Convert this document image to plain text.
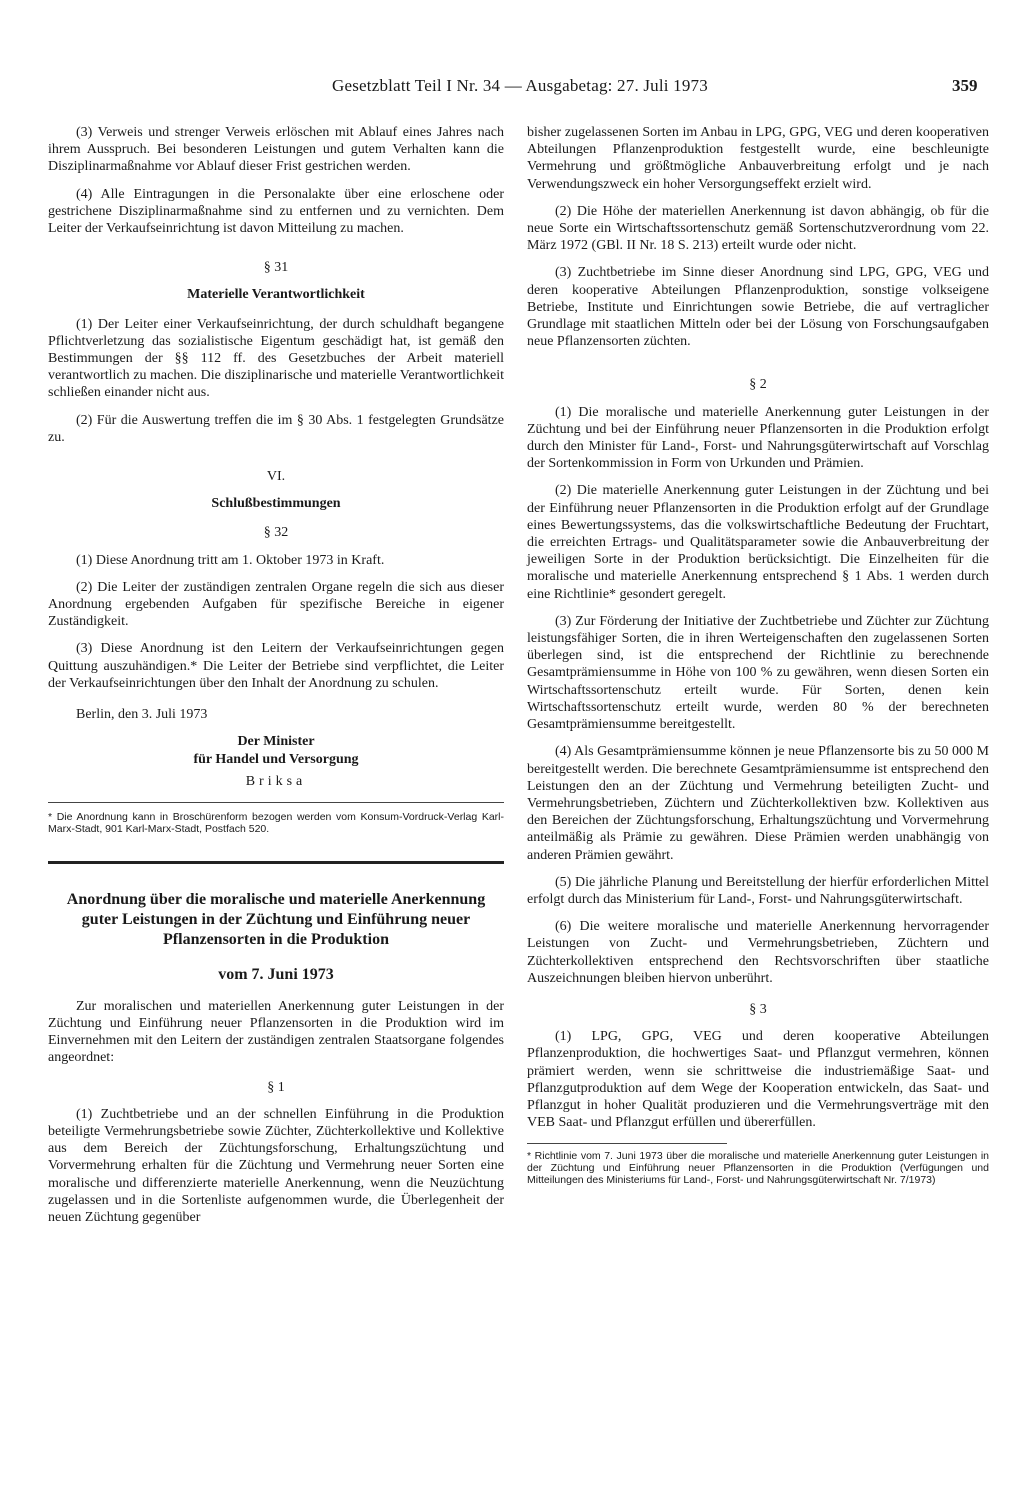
Gesetzblatt Teil I Nr. 34 — Ausgabetag: 27. Juli 1973	359

(3) Verweis und strenger Verweis erlöschen mit Ablauf eines Jahres nach ihrem Ausspruch. Bei besonderen Leistungen und gutem Verhalten kann die Disziplinarmaßnahme vor Ablauf dieser Frist gestrichen werden.

(4) Alle Eintragungen in die Personalakte über eine erloschene oder gestrichene Disziplinarmaßnahme sind zu entfernen und zu vernichten. Dem Leiter der Verkaufseinrichtung ist davon Mitteilung zu machen.

§ 31
Materielle Verantwortlichkeit

(1) Der Leiter einer Verkaufseinrichtung, der durch schuldhaft begangene Pflichtverletzung das sozialistische Eigentum geschädigt hat, ist gemäß den Bestimmungen der §§ 112 ff. des Gesetzbuches der Arbeit materiell verantwortlich zu machen. Die disziplinarische und materielle Verantwortlichkeit schließen einander nicht aus.

(2) Für die Auswertung treffen die im § 30 Abs. 1 festgelegten Grundsätze zu.

VI.
Schlußbestimmungen
§ 32

(1) Diese Anordnung tritt am 1. Oktober 1973 in Kraft.

(2) Die Leiter der zuständigen zentralen Organe regeln die sich aus dieser Anordnung ergebenden Aufgaben für spezifische Bereiche in eigener Zuständigkeit.

(3) Diese Anordnung ist den Leitern der Verkaufseinrichtungen gegen Quittung auszuhändigen.* Die Leiter der Betriebe sind verpflichtet, die Leiter der Verkaufseinrichtungen über den Inhalt der Anordnung zu schulen.

Berlin, den 3. Juli 1973

Der Minister
für Handel und Versorgung
Briksa
* Die Anordnung kann in Broschürenform bezogen werden vom Konsum-Vordruck-Verlag Karl-Marx-Stadt, 901 Karl-Marx-Stadt, Postfach 520.
Anordnung über die moralische und materielle Anerkennung guter Leistungen in der Züchtung und Einführung neuer Pflanzensorten in die Produktion
vom 7. Juni 1973

Zur moralischen und materiellen Anerkennung guter Leistungen in der Züchtung und Einführung neuer Pflanzensorten in die Produktion wird im Einvernehmen mit den Leitern der zuständigen zentralen Staatsorgane folgendes angeordnet:

§ 1

(1) Zuchtbetriebe und an der schnellen Einführung in die Produktion beteiligte Vermehrungsbetriebe sowie Züchter, Züchterkollektive und Kollektive aus dem Bereich der Züchtungsforschung, Erhaltungszüchtung und Vorvermehrung erhalten für die Züchtung und Vermehrung neuer Sorten eine moralische und differenzierte materielle Anerkennung, wenn die Neuzüchtung zugelassen und in die Sortenliste aufgenommen wurde, die Überlegenheit der neuen Züchtung gegenüber

bisher zugelassenen Sorten im Anbau in LPG, GPG, VEG und deren kooperativen Abteilungen Pflanzenproduktion festgestellt wurde, eine beschleunigte Vermehrung und größtmögliche Anbauverbreitung erfolgt und je nach Verwendungszweck ein hoher Versorgungseffekt erzielt wird.

(2) Die Höhe der materiellen Anerkennung ist davon abhängig, ob für die neue Sorte ein Wirtschaftssortenschutz gemäß Sortenschutzverordnung vom 22. März 1972 (GBl. II Nr. 18 S. 213) erteilt wurde oder nicht.

(3) Zuchtbetriebe im Sinne dieser Anordnung sind LPG, GPG, VEG und deren kooperative Abteilungen Pflanzenproduktion, sonstige volkseigene Betriebe, Institute und Einrichtungen sowie Betriebe, die auf vertraglicher Grundlage mit staatlichen Mitteln oder bei der Lösung von Forschungsaufgaben neue Pflanzensorten züchten.

§ 2

(1) Die moralische und materielle Anerkennung guter Leistungen in der Züchtung und bei der Einführung neuer Pflanzensorten in die Produktion erfolgt durch den Minister für Land-, Forst- und Nahrungsgüterwirtschaft auf Vorschlag der Sortenkommission in Form von Urkunden und Prämien.

(2) Die materielle Anerkennung guter Leistungen in der Züchtung und bei der Einführung neuer Pflanzensorten in die Produktion erfolgt auf der Grundlage eines Bewertungssystems, das die volkswirtschaftliche Bedeutung der Fruchtart, die erreichten Ertrags- und Qualitätsparameter sowie die Anbauverbreitung der jeweiligen Sorte in der Produktion berücksichtigt. Die Einzelheiten für die moralische und materielle Anerkennung entsprechend § 1 Abs. 1 werden durch eine Richtlinie* gesondert geregelt.

(3) Zur Förderung der Initiative der Zuchtbetriebe und Züchter zur Züchtung leistungsfähiger Sorten, die in ihren Werteigenschaften den zugelassenen Sorten überlegen sind, ist die entsprechend der Richtlinie zu berechnende Gesamtprämiensumme in Höhe von 100 % zu gewähren, wenn diesen Sorten ein Wirtschaftssortenschutz erteilt wurde. Für Sorten, denen kein Wirtschaftssortenschutz erteilt wurde, werden 80 % der berechneten Gesamtprämiensumme bereitgestellt.

(4) Als Gesamtprämiensumme können je neue Pflanzensorte bis zu 50 000 M bereitgestellt werden. Die berechnete Gesamtprämiensumme ist entsprechend den Leistungen den an der Züchtung und Vermehrung beteiligten Zucht- und Vermehrungsbetrieben, Züchtern und Züchterkollektiven bzw. Kollektiven aus den Bereichen der Züchtungsforschung, Erhaltungszüchtung und Vorvermehrung anteilmäßig als Prämie zu gewähren. Diese Prämien werden unabhängig von anderen Prämien gewährt.

(5) Die jährliche Planung und Bereitstellung der hierfür erforderlichen Mittel erfolgt durch das Ministerium für Land-, Forst- und Nahrungsgüterwirtschaft.

(6) Die weitere moralische und materielle Anerkennung hervorragender Leistungen von Zucht- und Vermehrungsbetrieben, Züchtern und Züchterkollektiven entsprechend den Rechtsvorschriften über staatliche Auszeichnungen bleiben hiervon unberührt.

§ 3

(1) LPG, GPG, VEG und deren kooperative Abteilungen Pflanzenproduktion, die hochwertiges Saat- und Pflanzgut vermehren, können prämiert werden, wenn sie schrittweise die industriemäßige Saat- und Pflanzgutproduktion auf dem Wege der Kooperation entwickeln, das Saat- und Pflanzgut in hoher Qualität produzieren und die Vermehrungsverträge mit den VEB Saat- und Pflanzgut erfüllen und übererfüllen.

* Richtlinie vom 7. Juni 1973 über die moralische und materielle Anerkennung guter Leistungen in der Züchtung und Einführung neuer Pflanzensorten in die Produktion (Verfügungen und Mitteilungen des Ministeriums für Land-, Forst- und Nahrungsgüterwirtschaft Nr. 7/1973)
